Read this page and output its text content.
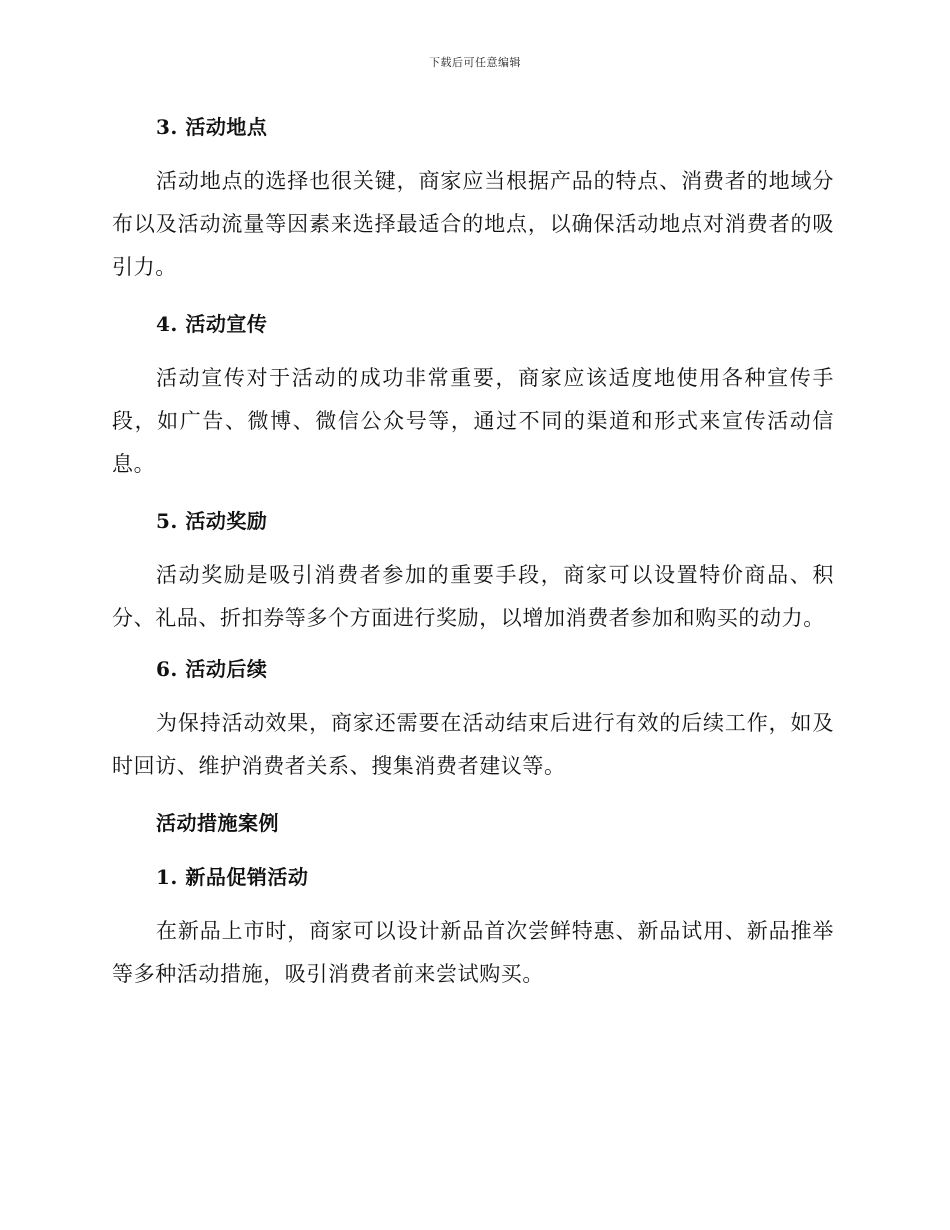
下载后可任意编辑

3. 活动地点

活动地点的选择也很关键，商家应当根据产品的特点、消费者的地域分布以及活动流量等因素来选择最适合的地点，以确保活动地点对消费者的吸引力。

4. 活动宣传

活动宣传对于活动的成功非常重要，商家应该适度地使用各种宣传手段，如广告、微博、微信公众号等，通过不同的渠道和形式来宣传活动信息。

5. 活动奖励

活动奖励是吸引消费者参加的重要手段，商家可以设置特价商品、积分、礼品、折扣券等多个方面进行奖励，以增加消费者参加和购买的动力。

6. 活动后续

为保持活动效果，商家还需要在活动结束后进行有效的后续工作，如及时回访、维护消费者关系、搜集消费者建议等。

活动措施案例

1. 新品促销活动

在新品上市时，商家可以设计新品首次尝鲜特惠、新品试用、新品推举等多种活动措施，吸引消费者前来尝试购买。
